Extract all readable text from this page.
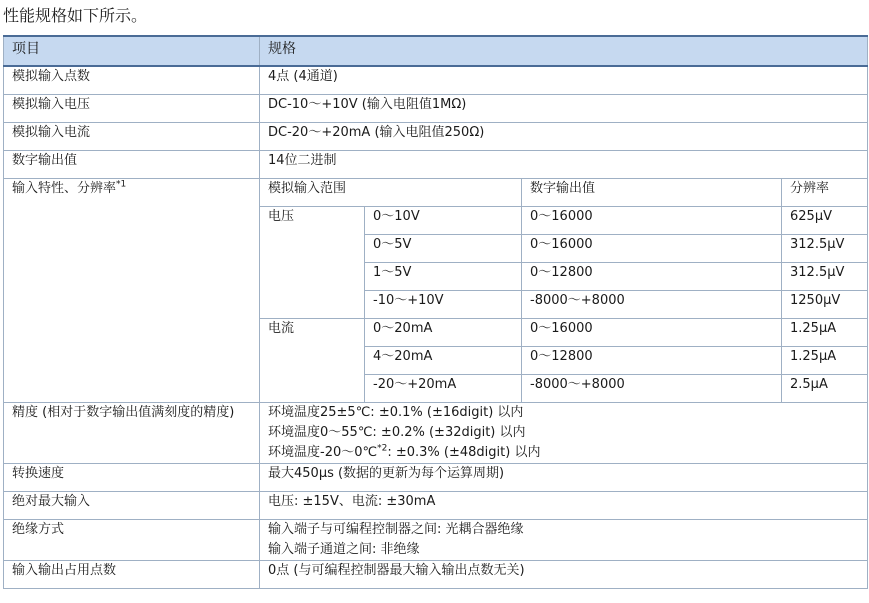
性能规格如下所示。
项目	规格			
模拟输入点数	4点 (4通道)			
模拟输入电压	DC-10～+10V (输入电阻值1MΩ)			
模拟输入电流	DC-20～+20mA (输入电阻值250Ω)			
数字输出值	14位二进制			
输入特性、分辨率$^{*1}$	模拟输入范围		数字输出值	分辨率
	电压	0～10V	0～16000	625μV
		0～5V	0～16000	312.5μV
		1～5V	0～12800	312.5μV
		-10～+10V	-8000～+8000	1250μV
	电流	0～20mA	0～16000	1.25μA
		4～20mA	0～12800	1.25μA
		-20～+20mA	-8000～+8000	2.5μA
精度 (相对于数字输出值满刻度的精度)	环境温度25±5℃: ±0.1% (±16digit) 以内
环境温度0～55℃: ±0.2% (±32digit) 以内
环境温度-20～0℃$^{*2}$: ±0.3% (±48digit) 以内			

转换速度	最大450μs (数据的更新为每个运算周期)			
绝对最大输入	电压: ±15V、电流: ±30mA			
绝缘方式	输入端子与可编程控制器之间: 光耦合器绝缘
输入端子通道之间: 非绝缘			

输入输出占用点数	0点 (与可编程控制器最大输入输出点数无关)			
